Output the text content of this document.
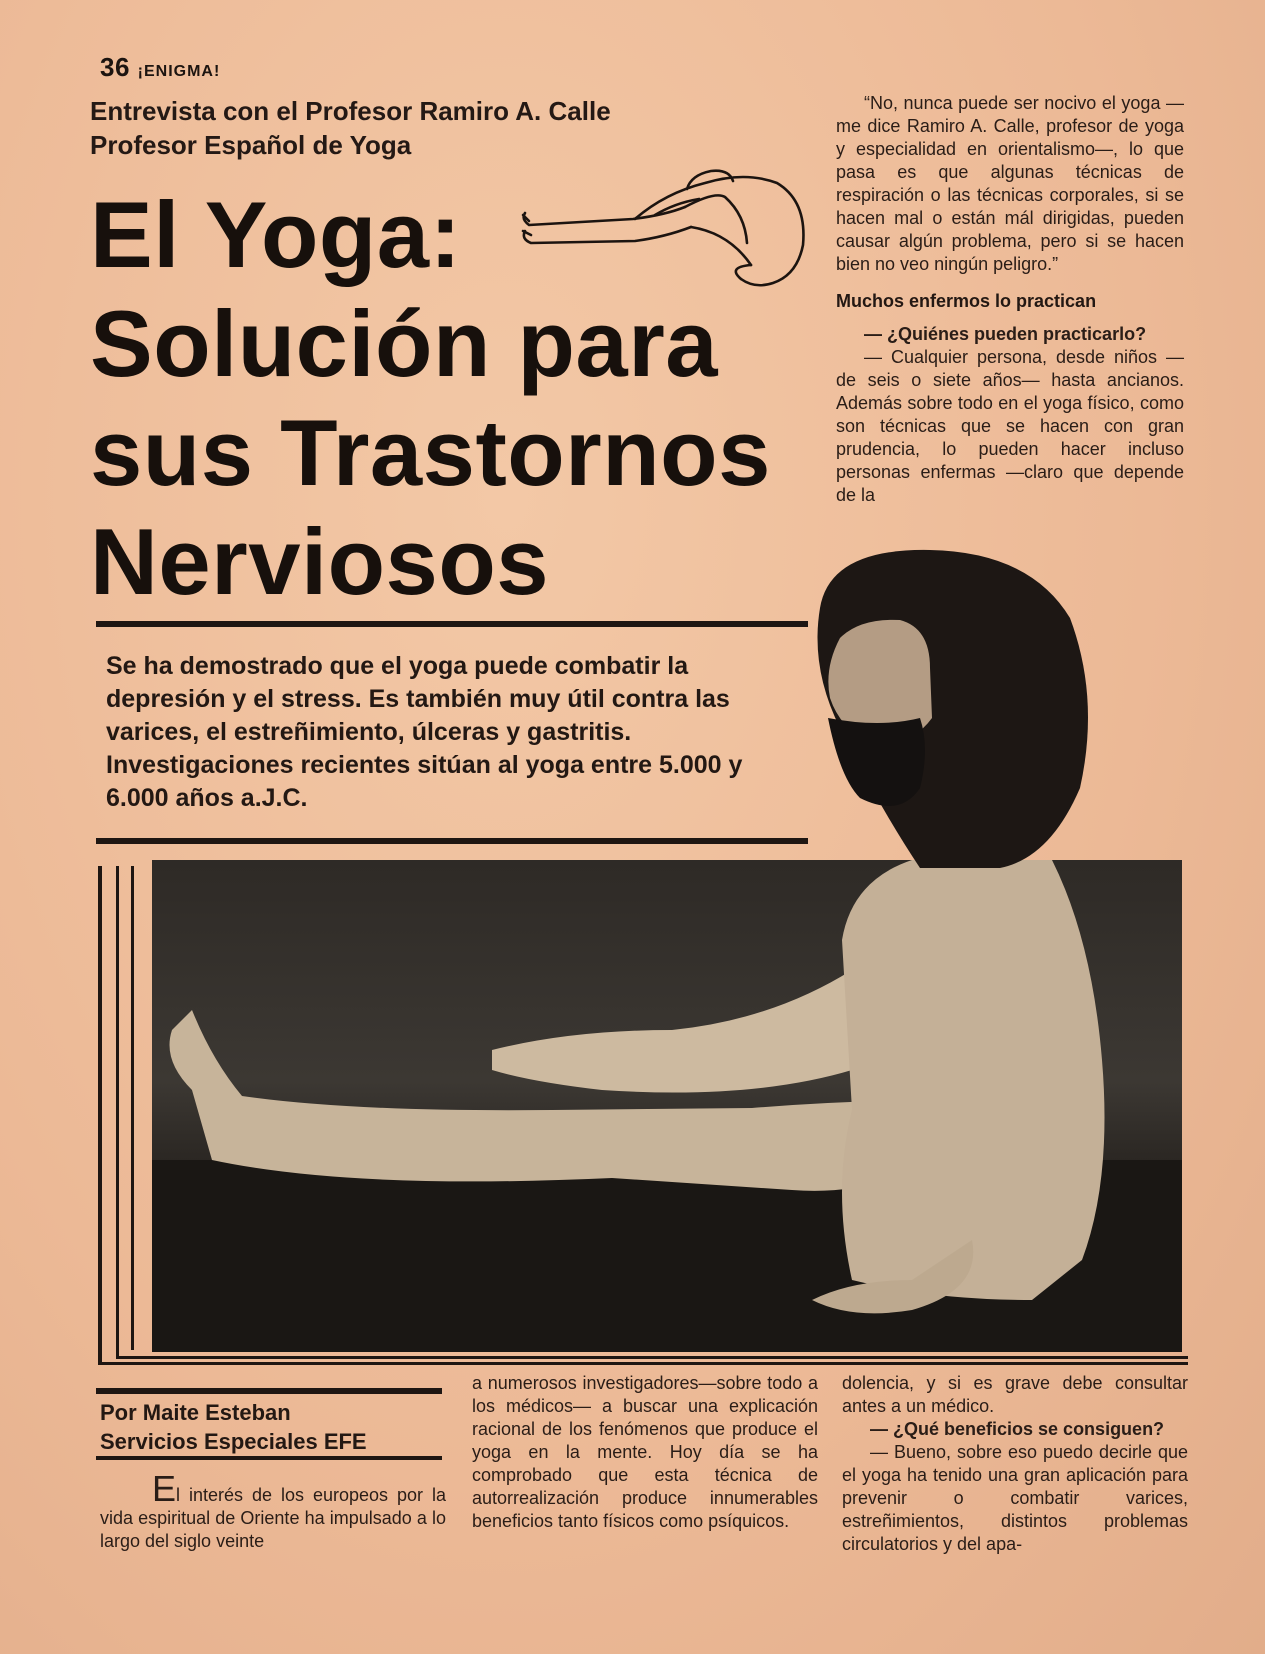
36 ¡ENIGMA!
Entrevista con el Profesor Ramiro A. Calle
Profesor Español de Yoga
El Yoga:
Solución para
sus Trastornos
Nerviosos

“No, nunca puede ser nocivo el yoga —me dice Ramiro A. Calle, profesor de yoga y especialidad en orientalismo—, lo que pasa es que algunas técnicas de respiración o las técnicas corporales, si se hacen mal o están mál dirigidas, pueden causar algún problema, pero si se hacen bien no veo ningún peligro.”

Muchos enfermos lo practican

— ¿Quiénes pueden practicarlo?

— Cualquier persona, desde niños —de seis o siete años— hasta ancianos. Además sobre todo en el yoga físico, como son técnicas que se hacen con gran prudencia, lo pueden hacer incluso personas enfermas —claro que depende de la

Se ha demostrado que el yoga puede combatir la depresión y el stress. Es también muy útil contra las varices, el estreñimiento, úlceras y gastritis. Investigaciones recientes sitúan al yoga entre 5.000 y 6.000 años a.J.C.
Por Maite Esteban
Servicios Especiales EFE

El interés de los europeos por la vida espiritual de Oriente ha impulsado a lo largo del siglo veinte

a numerosos investigadores—sobre todo a los médicos— a buscar una explicación racional de los fenómenos que produce el yoga en la mente. Hoy día se ha comprobado que esta técnica de autorrealización produce innumerables beneficios tanto físicos como psíquicos.

dolencia, y si es grave debe consultar antes a un médico.

— ¿Qué beneficios se consiguen?

— Bueno, sobre eso puedo decirle que el yoga ha tenido una gran aplicación para prevenir o combatir varices, estreñimientos, distintos problemas circulatorios y del apa-
